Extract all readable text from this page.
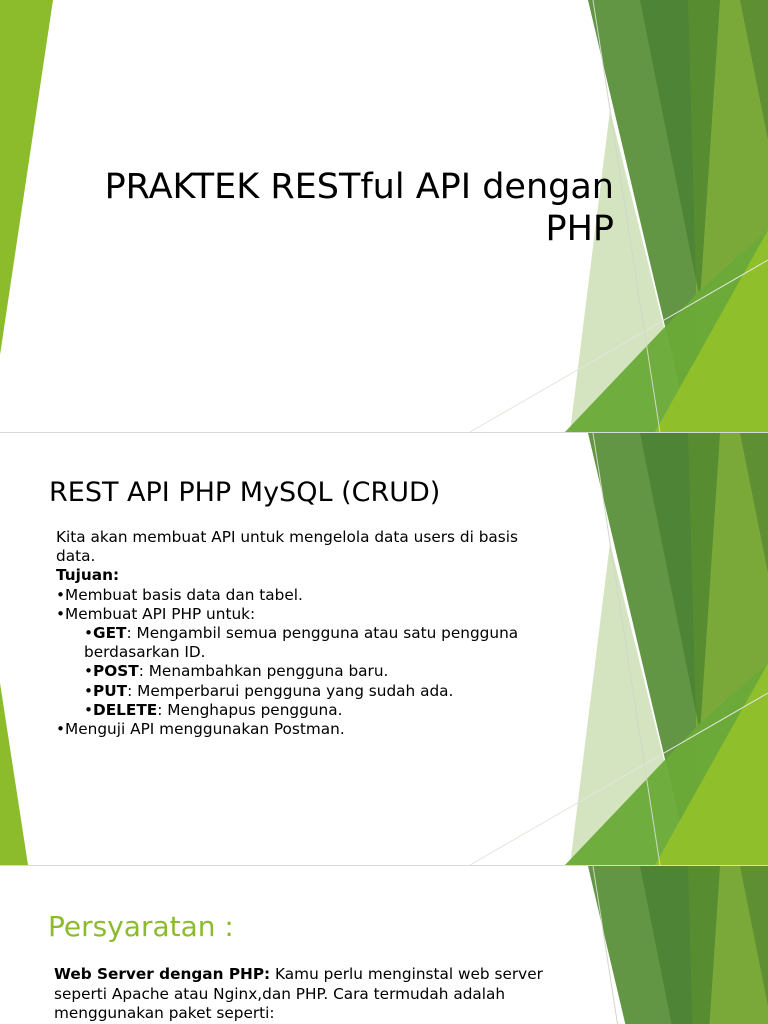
PRAKTEK RESTful API dengan PHP
REST API PHP MySQL (CRUD)
Kita akan membuat API untuk mengelola data users di basis data.
Tujuan:
•Membuat basis data dan tabel.
•Membuat API PHP untuk:
•GET: Mengambil semua pengguna atau satu pengguna berdasarkan ID.
•POST: Menambahkan pengguna baru.
•PUT: Memperbarui pengguna yang sudah ada.
•DELETE: Menghapus pengguna.
•Menguji API menggunakan Postman.
Persyaratan :
Web Server dengan PHP: Kamu perlu menginstal web server seperti Apache atau Nginx,dan PHP. Cara termudah adalah menggunakan paket seperti:
